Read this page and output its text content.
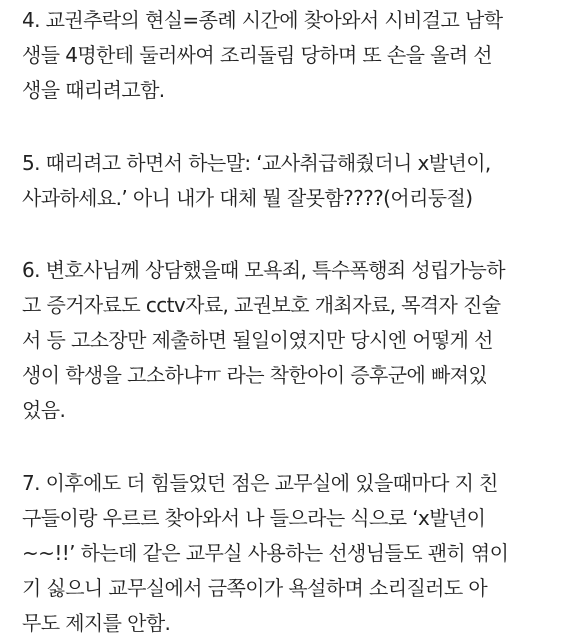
4. 교권추락의 현실=종례 시간에 찾아와서 시비걸고 남학
생들 4명한테 둘러싸여 조리돌림 당하며 또 손을 올려 선
생을 때리려고함.
5. 때리려고 하면서 하는말: ‘교사취급해줬더니 x발년이,
사과하세요.’ 아니 내가 대체 뭘 잘못함????(어리둥절)
6. 변호사님께 상담했을때 모욕죄, 특수폭행죄 성립가능하
고 증거자료도 cctv자료, 교권보호 개최자료, 목격자 진술
서 등 고소장만 제출하면 될일이였지만 당시엔 어떻게 선
생이 학생을 고소하냐ㅠ 라는 착한아이 증후군에 빠져있
었음.
7. 이후에도 더 힘들었던 점은 교무실에 있을때마다 지 친
구들이랑 우르르 찾아와서 나 들으라는 식으로 ‘x발년이
~~!!’ 하는데 같은 교무실 사용하는 선생님들도 괜히 엮이
기 싫으니 교무실에서 금쪽이가 욕설하며 소리질러도 아
무도 제지를 안함.
